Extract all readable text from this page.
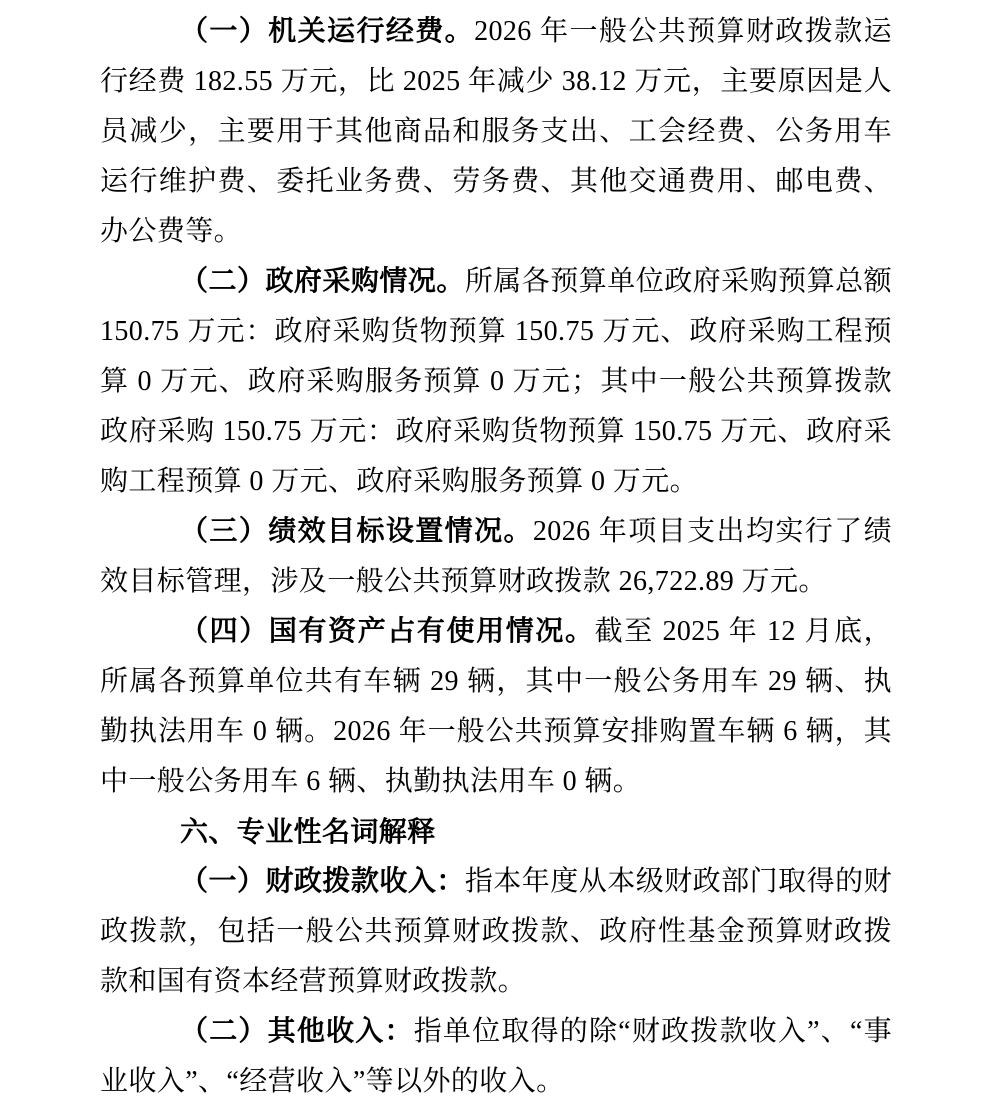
（一）机关运行经费。2026 年一般公共预算财政拨款运行经费 182.55 万元，比 2025 年减少 38.12 万元，主要原因是人员减少，主要用于其他商品和服务支出、工会经费、公务用车运行维护费、委托业务费、劳务费、其他交通费用、邮电费、办公费等。

（二）政府采购情况。所属各预算单位政府采购预算总额 150.75 万元：政府采购货物预算 150.75 万元、政府采购工程预算 0 万元、政府采购服务预算 0 万元；其中一般公共预算拨款政府采购 150.75 万元：政府采购货物预算 150.75 万元、政府采购工程预算 0 万元、政府采购服务预算 0 万元。

（三）绩效目标设置情况。2026 年项目支出均实行了绩效目标管理，涉及一般公共预算财政拨款 26,722.89 万元。

（四）国有资产占有使用情况。截至 2025 年 12 月底，所属各预算单位共有车辆 29 辆，其中一般公务用车 29 辆、执勤执法用车 0 辆。2026 年一般公共预算安排购置车辆 6 辆，其中一般公务用车 6 辆、执勤执法用车 0 辆。

六、专业性名词解释

（一）财政拨款收入：指本年度从本级财政部门取得的财政拨款，包括一般公共预算财政拨款、政府性基金预算财政拨款和国有资本经营预算财政拨款。

（二）其他收入：指单位取得的除“财政拨款收入”、“事业收入”、“经营收入”等以外的收入。
